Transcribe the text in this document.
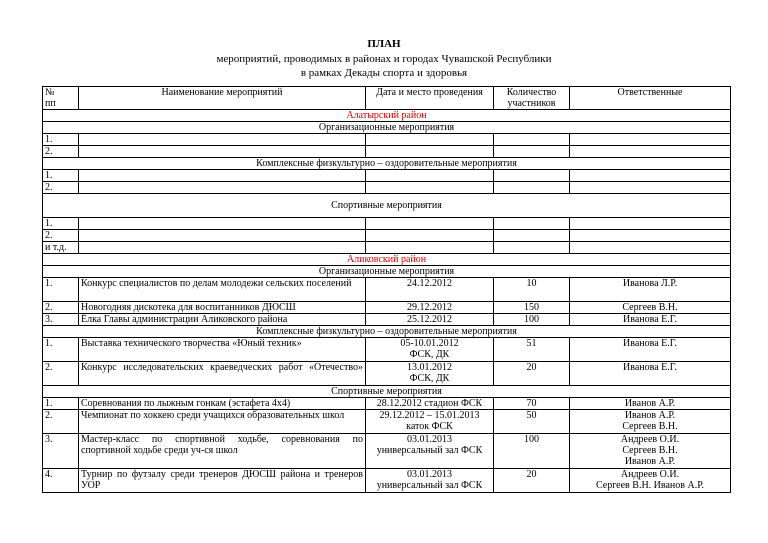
ПЛАН
мероприятий, проводимых в районах и городах Чувашской Республики
в рамках Декады спорта и здоровья
№
пп	Наименование мероприятий	Дата и место проведения	Количество участников	Ответственные
Алатырский район				
Организационные мероприятия				
1.				
2.				
Комплексные физкультурно – оздоровительные мероприятия				
1.				
2.				
Спортивные мероприятия				
1.				
2.				
и т.д.				
Аликовский район				
Организационные мероприятия				
1.	Конкурс специалистов по делам молодежи сельских поселений	24.12.2012	10	Иванова Л.Р.
2.	Новогодняя дискотека для воспитанников ДЮСШ	29.12.2012	150	Сергеев В.Н.
3.	Ёлка Главы администрации Аликовского района	25.12.2012	100	Иванова Е.Г.
Комплексные физкультурно – оздоровительные мероприятия				
1.	Выставка технического творчества «Юный техник»	05-10.01.2012
ФСК, ДК	51	Иванова Е.Г.
2.	Конкурс исследовательских краеведческих работ «Отечество»	13.01.2012
ФСК, ДК	20	Иванова Е.Г.
Спортивные мероприятия				
1.	Соревнования по лыжным гонкам (эстафета 4х4)	28.12.2012 стадион ФСК	70	Иванов А.Р.
2.	Чемпионат по хоккею среди учащихся образовательных школ	29.12.2012 – 15.01.2013
каток ФСК	50	Иванов А.Р.
Сергеев В.Н.

3.	Мастер-класс по спортивной ходьбе, соревнования по спортивной ходьбе среди уч-ся школ	03.01.2013
универсальный зал ФСК	100	Андреев О.И.
Сергеев В.Н.
Иванов А.Р.

4.	Турнир по футзалу среди тренеров ДЮСШ района и тренеров УОР	03.01.2013
универсальный зал ФСК	20	Андреев О.И.
Сергеев В.Н. Иванов А.Р.
